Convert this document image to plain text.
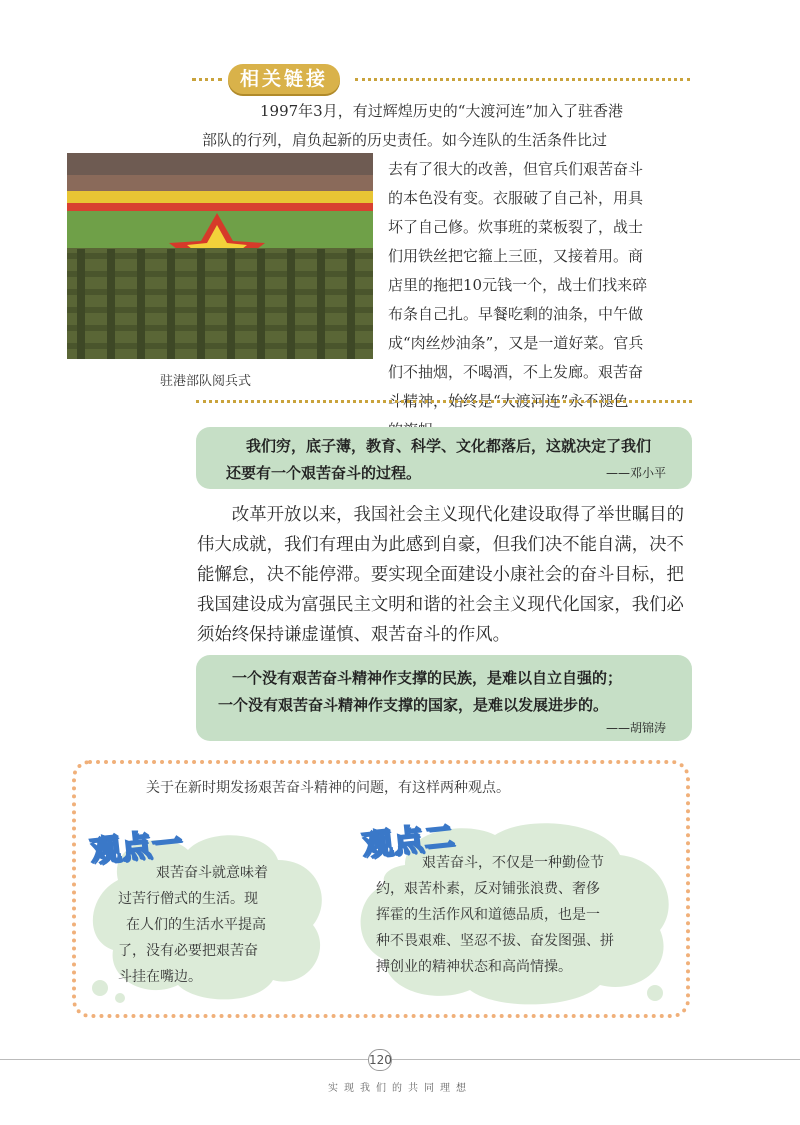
相关链接
1997年3月，有过辉煌历史的“大渡河连”加入了驻香港
部队的行列，肩负起新的历史责任。如今连队的生活条件比过
驻港部队阅兵式
去有了很大的改善，但官兵们艰苦奋斗
的本色没有变。衣服破了自己补，用具
坏了自己修。炊事班的菜板裂了，战士
们用铁丝把它箍上三匝，又接着用。商
店里的拖把10元钱一个，战士们找来碎
布条自己扎。早餐吃剩的油条，中午做
成“肉丝炒油条”，又是一道好菜。官兵
们不抽烟，不喝酒，不上发廊。艰苦奋
斗精神，始终是“大渡河连”永不褪色
我们穷，底子薄，教育、科学、文化都落后，这就决定了我们
还要有一个艰苦奋斗的过程。	——邓小平
改革开放以来，我国社会主义现代化建设取得了举世瞩目的伟大成就，我们有理由为此感到自豪，但我们决不能自满，决不能懈怠，决不能停滞。要实现全面建设小康社会的奋斗目标，把我国建设成为富强民主文明和谐的社会主义现代化国家，我们必须始终保持谦虚谨慎、艰苦奋斗的作风。
一个没有艰苦奋斗精神作支撑的民族，是难以自立自强的；
一个没有艰苦奋斗精神作支撑的国家，是难以发展进步的。
——胡锦涛
关于在新时期发扬艰苦奋斗精神的问题，有这样两种观点。
观点一
艰苦奋斗就意味着
过苦行僧式的生活。现
在人们的生活水平提高
了，没有必要把艰苦奋
斗挂在嘴边。
观点二
艰苦奋斗，不仅是一种勤俭节
约，艰苦朴素，反对铺张浪费、奢侈
挥霍的生活作风和道德品质，也是一
种不畏艰难、坚忍不拔、奋发图强、拼
搏创业的精神状态和高尚情操。
120
实现我们的共同理想
